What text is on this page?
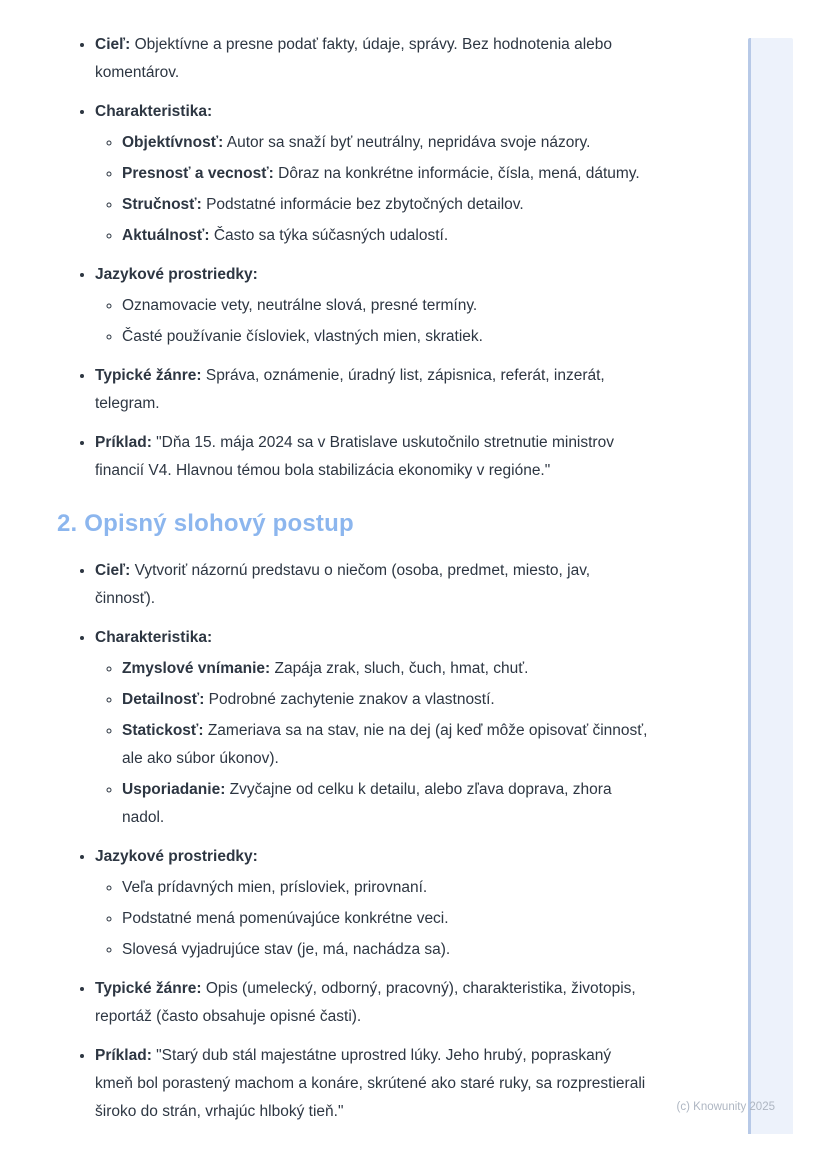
• Cieľ: Objektívne a presne podať fakty, údaje, správy. Bez hodnotenia alebo komentárov.

• Charakteristika:

◦ Objektívnosť: Autor sa snaží byť neutrálny, nepridáva svoje názory.

◦ Presnosť a vecnosť: Dôraz na konkrétne informácie, čísla, mená, dátumy.

◦ Stručnosť: Podstatné informácie bez zbytočných detailov.

◦ Aktuálnosť: Často sa týka súčasných udalostí.

• Jazykové prostriedky:

◦ Oznamovacie vety, neutrálne slová, presné termíny.

◦ Časté používanie čísloviek, vlastných mien, skratiek.

• Typické žánre: Správa, oznámenie, úradný list, zápisnica, referát, inzerát, telegram.

• Príklad: "Dňa 15. mája 2024 sa v Bratislave uskutočnilo stretnutie ministrov financií V4. Hlavnou témou bola stabilizácia ekonomiky v regióne."

2. Opisný slohový postup

• Cieľ: Vytvoriť názornú predstavu o niečom (osoba, predmet, miesto, jav, činnosť).

• Charakteristika:

◦ Zmyslové vnímanie: Zapája zrak, sluch, čuch, hmat, chuť.

◦ Detailnosť: Podrobné zachytenie znakov a vlastností.

◦ Statickosť: Zameriava sa na stav, nie na dej (aj keď môže opisovať činnosť, ale ako súbor úkonov).

◦ Usporiadanie: Zvyčajne od celku k detailu, alebo zľava doprava, zhora nadol.

• Jazykové prostriedky:

◦ Veľa prídavných mien, prísloviek, prirovnaní.

◦ Podstatné mená pomenúvajúce konkrétne veci.

◦ Slovesá vyjadrujúce stav (je, má, nachádza sa).

• Typické žánre: Opis (umelecký, odborný, pracovný), charakteristika, životopis, reportáž (často obsahuje opisné časti).

• Príklad: "Starý dub stál majestátne uprostred lúky. Jeho hrubý, popraskaný kmeň bol porastený machom a konáre, skrútené ako staré ruky, sa rozprestierali široko do strán, vrhajúc hlboký tieň."	(c) Knowunity 2025
